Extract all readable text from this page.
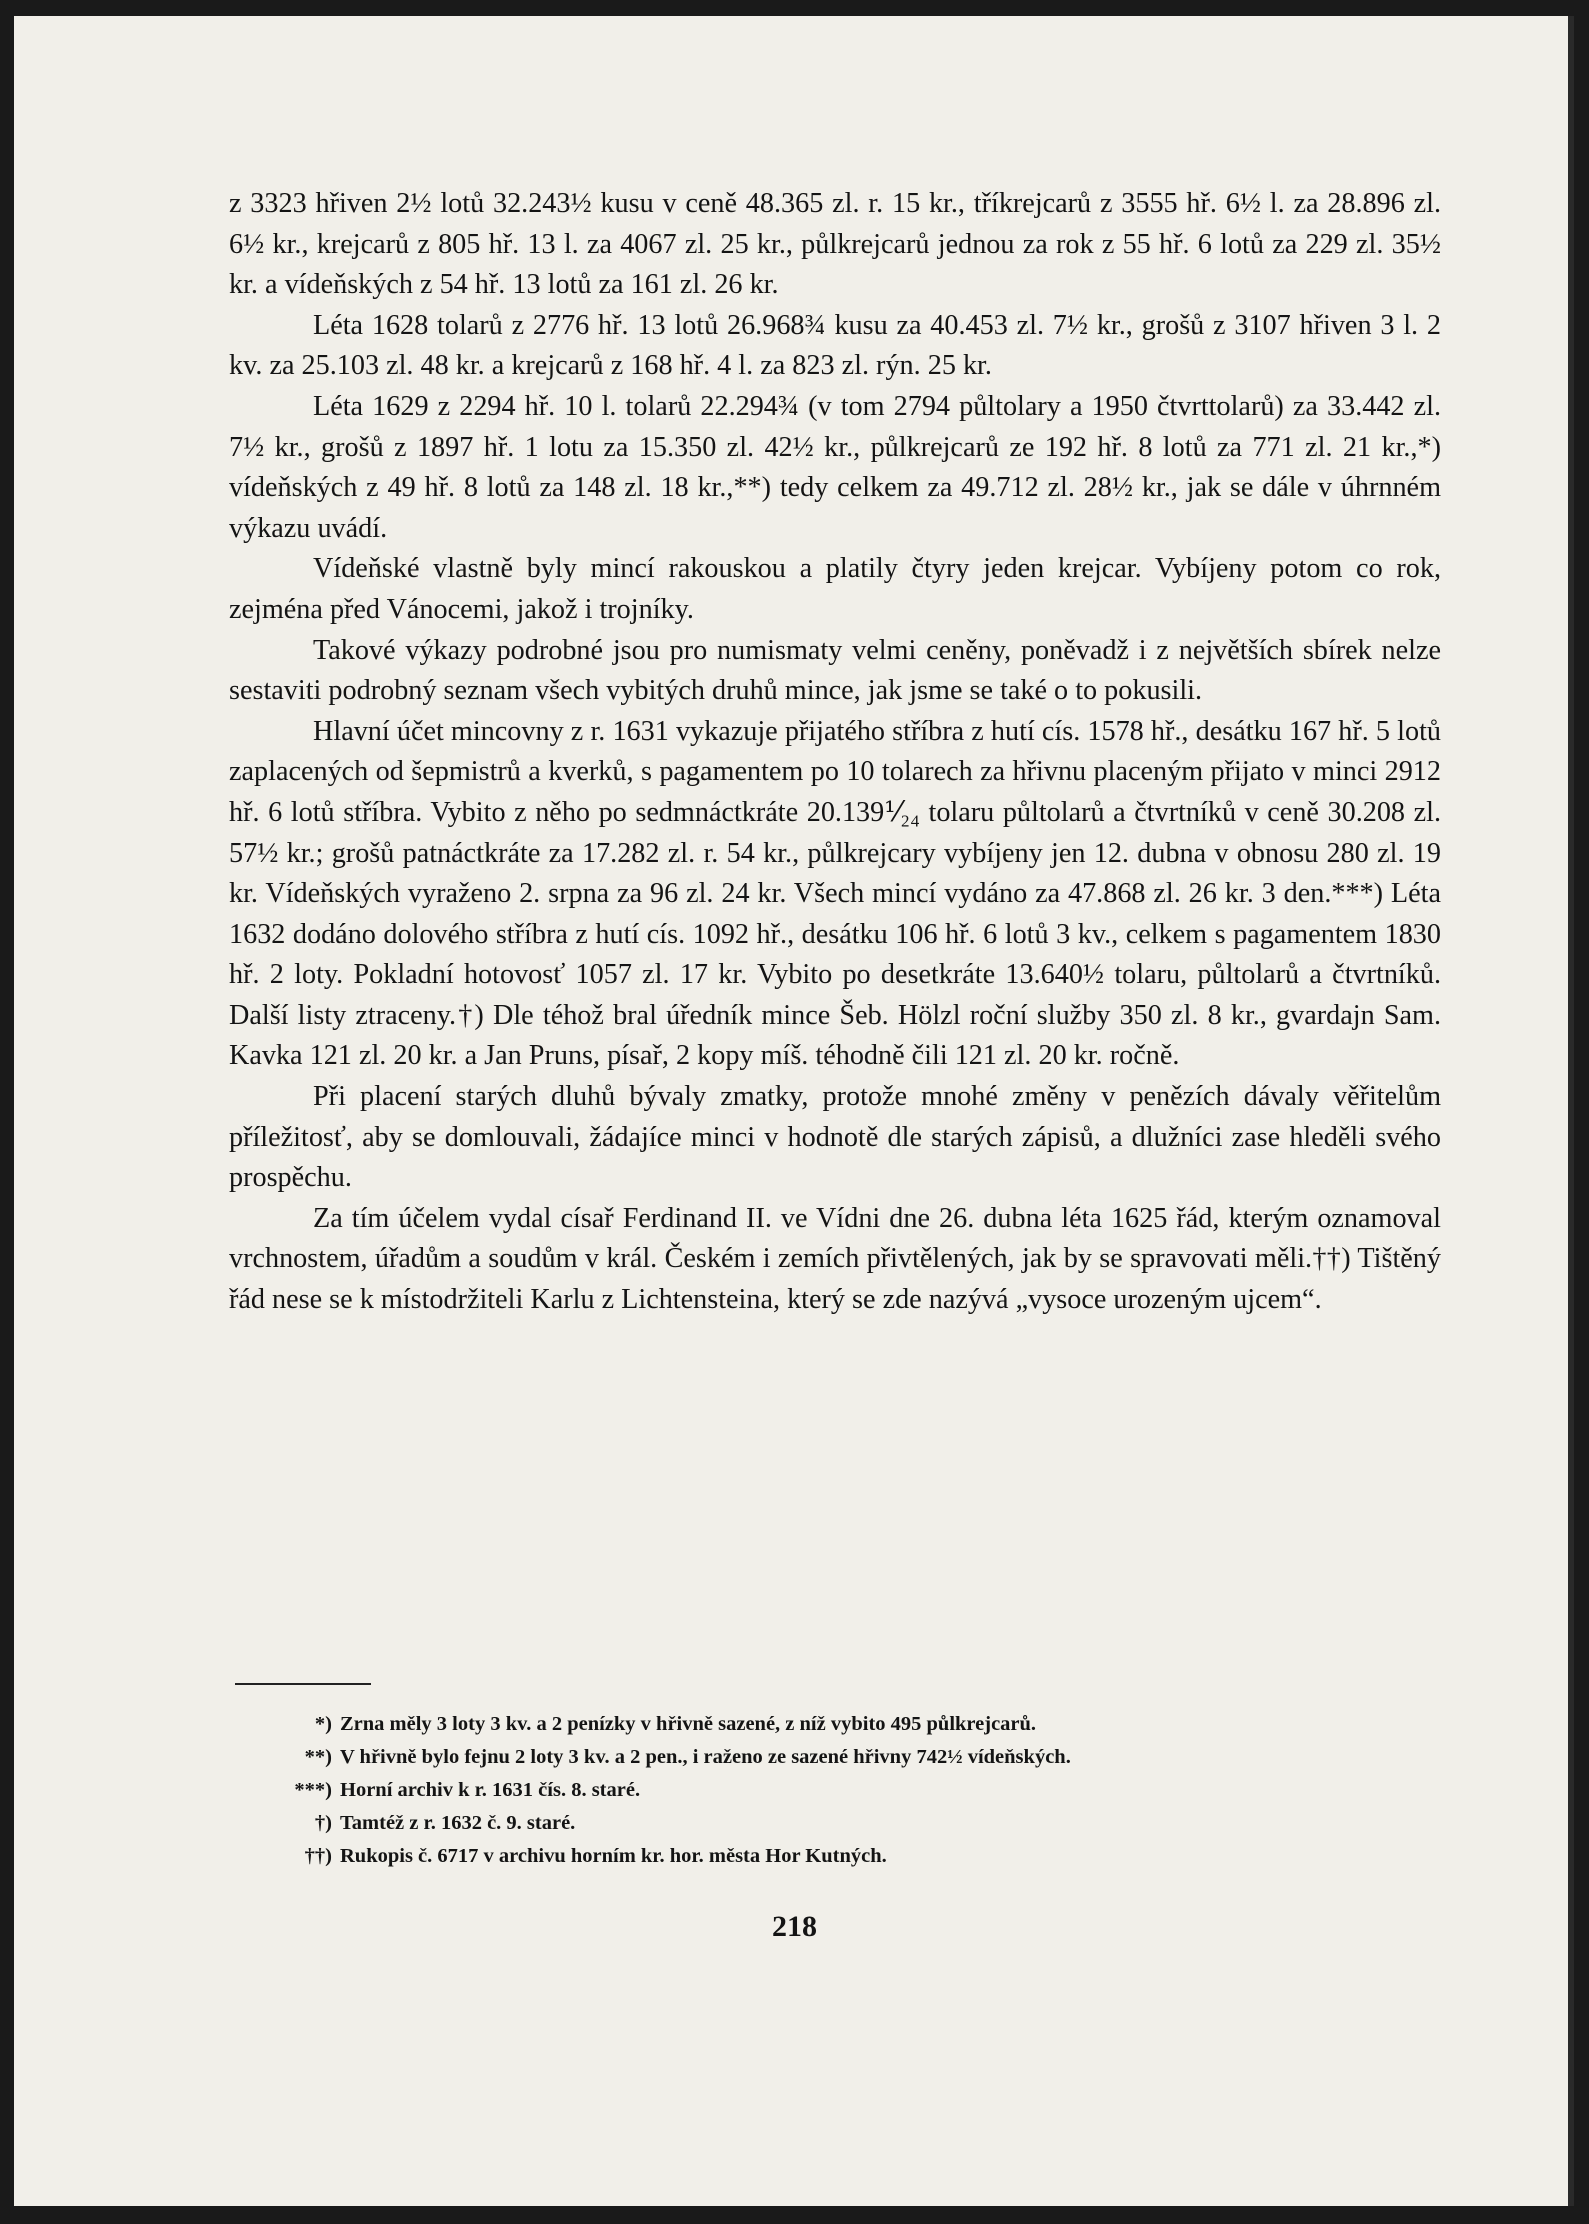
z 3323 hřiven 2½ lotů 32.243½ kusu v ceně 48.365 zl. r. 15 kr., tříkrejcarů z 3555 hř. 6½ l. za 28.896 zl. 6½ kr., krejcarů z 805 hř. 13 l. za 4067 zl. 25 kr., půlkrejcarů jednou za rok z 55 hř. 6 lotů za 229 zl. 35½ kr. a vídeňských z 54 hř. 13 lotů za 161 zl. 26 kr.

Léta 1628 tolarů z 2776 hř. 13 lotů 26.968¾ kusu za 40.453 zl. 7½ kr., grošů z 3107 hřiven 3 l. 2 kv. za 25.103 zl. 48 kr. a krejcarů z 168 hř. 4 l. za 823 zl. rýn. 25 kr.

Léta 1629 z 2294 hř. 10 l. tolarů 22.294¾ (v tom 2794 půltolary a 1950 čtvrttolarů) za 33.442 zl. 7½ kr., grošů z 1897 hř. 1 lotu za 15.350 zl. 42½ kr., půlkrejcarů ze 192 hř. 8 lotů za 771 zl. 21 kr.,*) vídeňských z 49 hř. 8 lotů za 148 zl. 18 kr.,**) tedy celkem za 49.712 zl. 28½ kr., jak se dále v úhrnném výkazu uvádí.

Vídeňské vlastně byly mincí rakouskou a platily čtyry jeden krejcar. Vybíjeny potom co rok, zejména před Vánocemi, jakož i trojníky.

Takové výkazy podrobné jsou pro numismaty velmi ceněny, poněvadž i z největších sbírek nelze sestaviti podrobný seznam všech vybitých druhů mince, jak jsme se také o to pokusili.

Hlavní účet mincovny z r. 1631 vykazuje přijatého stříbra z hutí cís. 1578 hř., desátku 167 hř. 5 lotů zaplacených od šepmistrů a kverků, s pagamentem po 10 tolarech za hřivnu placeným přijato v minci 2912 hř. 6 lotů stříbra. Vybito z něho po sedmnáctkráte 20.139⅟₂₄ tolaru půltolarů a čtvrtníků v ceně 30.208 zl. 57½ kr.; grošů patnáctkráte za 17.282 zl. r. 54 kr., půlkrejcary vybíjeny jen 12. dubna v obnosu 280 zl. 19 kr. Vídeňských vyraženo 2. srpna za 96 zl. 24 kr. Všech mincí vydáno za 47.868 zl. 26 kr. 3 den.***) Léta 1632 dodáno dolového stříbra z hutí cís. 1092 hř., desátku 106 hř. 6 lotů 3 kv., celkem s pagamentem 1830 hř. 2 loty. Pokladní hotovosť 1057 zl. 17 kr. Vybito po desetkráte 13.640½ tolaru, půltolarů a čtvrtníků. Další listy ztraceny.†) Dle téhož bral úředník mince Šeb. Hölzl roční služby 350 zl. 8 kr., gvardajn Sam. Kavka 121 zl. 20 kr. a Jan Pruns, písař, 2 kopy míš. téhodně čili 121 zl. 20 kr. ročně.

Při placení starých dluhů bývaly zmatky, protože mnohé změny v penězích dávaly věřitelům příležitosť, aby se domlouvali, žádajíce minci v hodnotě dle starých zápisů, a dlužníci zase hleděli svého prospěchu.

Za tím účelem vydal císař Ferdinand II. ve Vídni dne 26. dubna léta 1625 řád, kterým oznamoval vrchnostem, úřadům a soudům v král. Českém i zemích přivtělených, jak by se spravovati měli.††) Tištěný řád nese se k místodržiteli Karlu z Lichtensteina, který se zde nazývá „vysoce urozeným ujcem“.

*) Zrna měly 3 loty 3 kv. a 2 penízky v hřivně sazené, z níž vybito 495 půlkrejcarů.
**) V hřivně bylo fejnu 2 loty 3 kv. a 2 pen., i raženo ze sazené hřivny 742½ vídeňských.
***) Horní archiv k r. 1631 čís. 8. staré.
†) Tamtéž z r. 1632 č. 9. staré.
††) Rukopis č. 6717 v archivu horním kr. hor. města Hor Kutných.
218
